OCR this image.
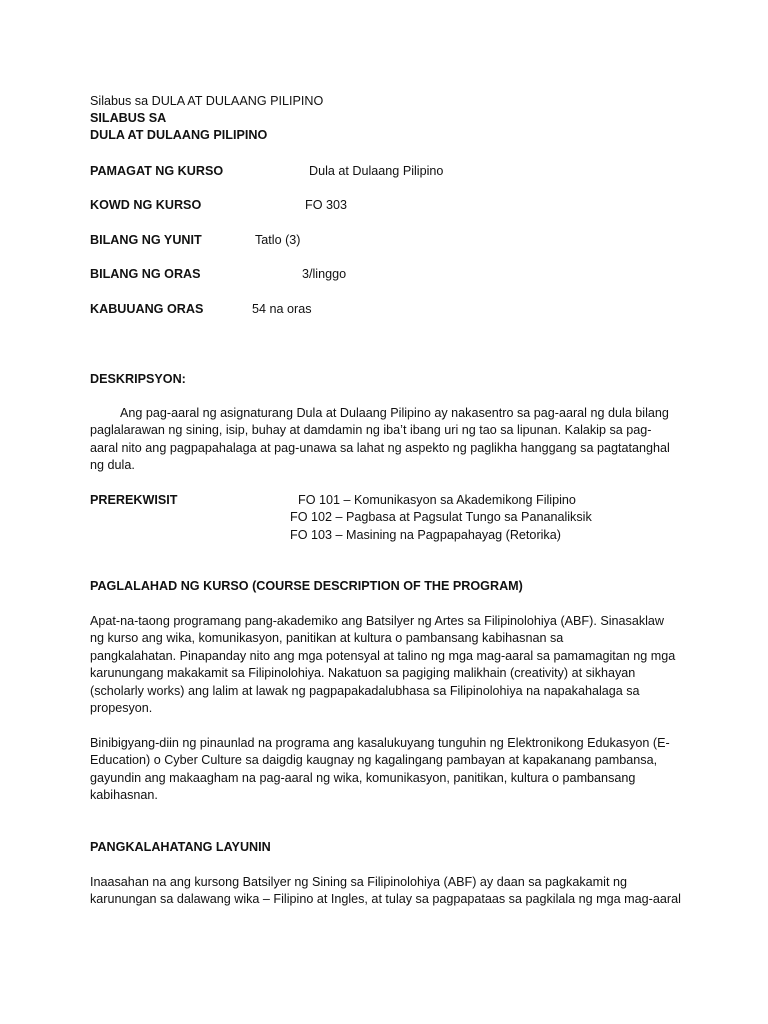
Silabus sa DULA AT DULAANG PILIPINO
SILABUS SA
DULA AT DULAANG PILIPINO
PAMAGAT NG KURSO	Dula at Dulaang Pilipino
KOWD NG KURSO	FO 303
BILANG NG YUNIT	Tatlo (3)
BILANG NG ORAS	3/linggo
KABUUANG ORAS	54 na oras
DESKRIPSYON:
Ang pag-aaral ng asignaturang Dula at Dulaang Pilipino ay nakasentro sa pag-aaral ng dula bilang
paglalarawan ng sining, isip, buhay at damdamin ng iba’t ibang uri ng tao sa lipunan. Kalakip sa pag-
aaral nito ang pagpapahalaga at pag-unawa sa lahat ng aspekto ng paglikha hanggang sa pagtatanghal
ng dula.
PREREKWISIT	FO 101 – Komunikasyon sa Akademikong Filipino
FO 102 – Pagbasa at Pagsulat Tungo sa Pananaliksik
FO 103 – Masining na Pagpapahayag (Retorika)
PAGLALAHAD NG KURSO (COURSE DESCRIPTION OF THE PROGRAM)
Apat-na-taong programang pang-akademiko ang Batsilyer ng Artes sa Filipinolohiya (ABF). Sinasaklaw
ng kurso ang wika, komunikasyon, panitikan at kultura o pambansang kabihasnan sa
pangkalahatan. Pinapanday nito ang mga potensyal at talino ng mga mag-aaral sa pamamagitan ng mga
karunungang makakamit sa Filipinolohiya. Nakatuon sa pagiging malikhain (creativity) at sikhayan
(scholarly works) ang lalim at lawak ng pagpapakadalubhasa sa Filipinolohiya na napakahalaga sa
propesyon.
Binibigyang-diin ng pinaunlad na programa ang kasalukuyang tunguhin ng Elektronikong Edukasyon (E-
Education) o Cyber Culture sa daigdig kaugnay ng kagalingang pambayan at kapakanang pambansa,
gayundin ang makaagham na pag-aaral ng wika, komunikasyon, panitikan, kultura o pambansang
kabihasnan.
PANGKALAHATANG LAYUNIN
Inaasahan na ang kursong Batsilyer ng Sining sa Filipinolohiya (ABF) ay daan sa pagkakamit ng
karunungan sa dalawang wika – Filipino at Ingles, at tulay sa pagpapataas sa pagkilala ng mga mag-aaral
